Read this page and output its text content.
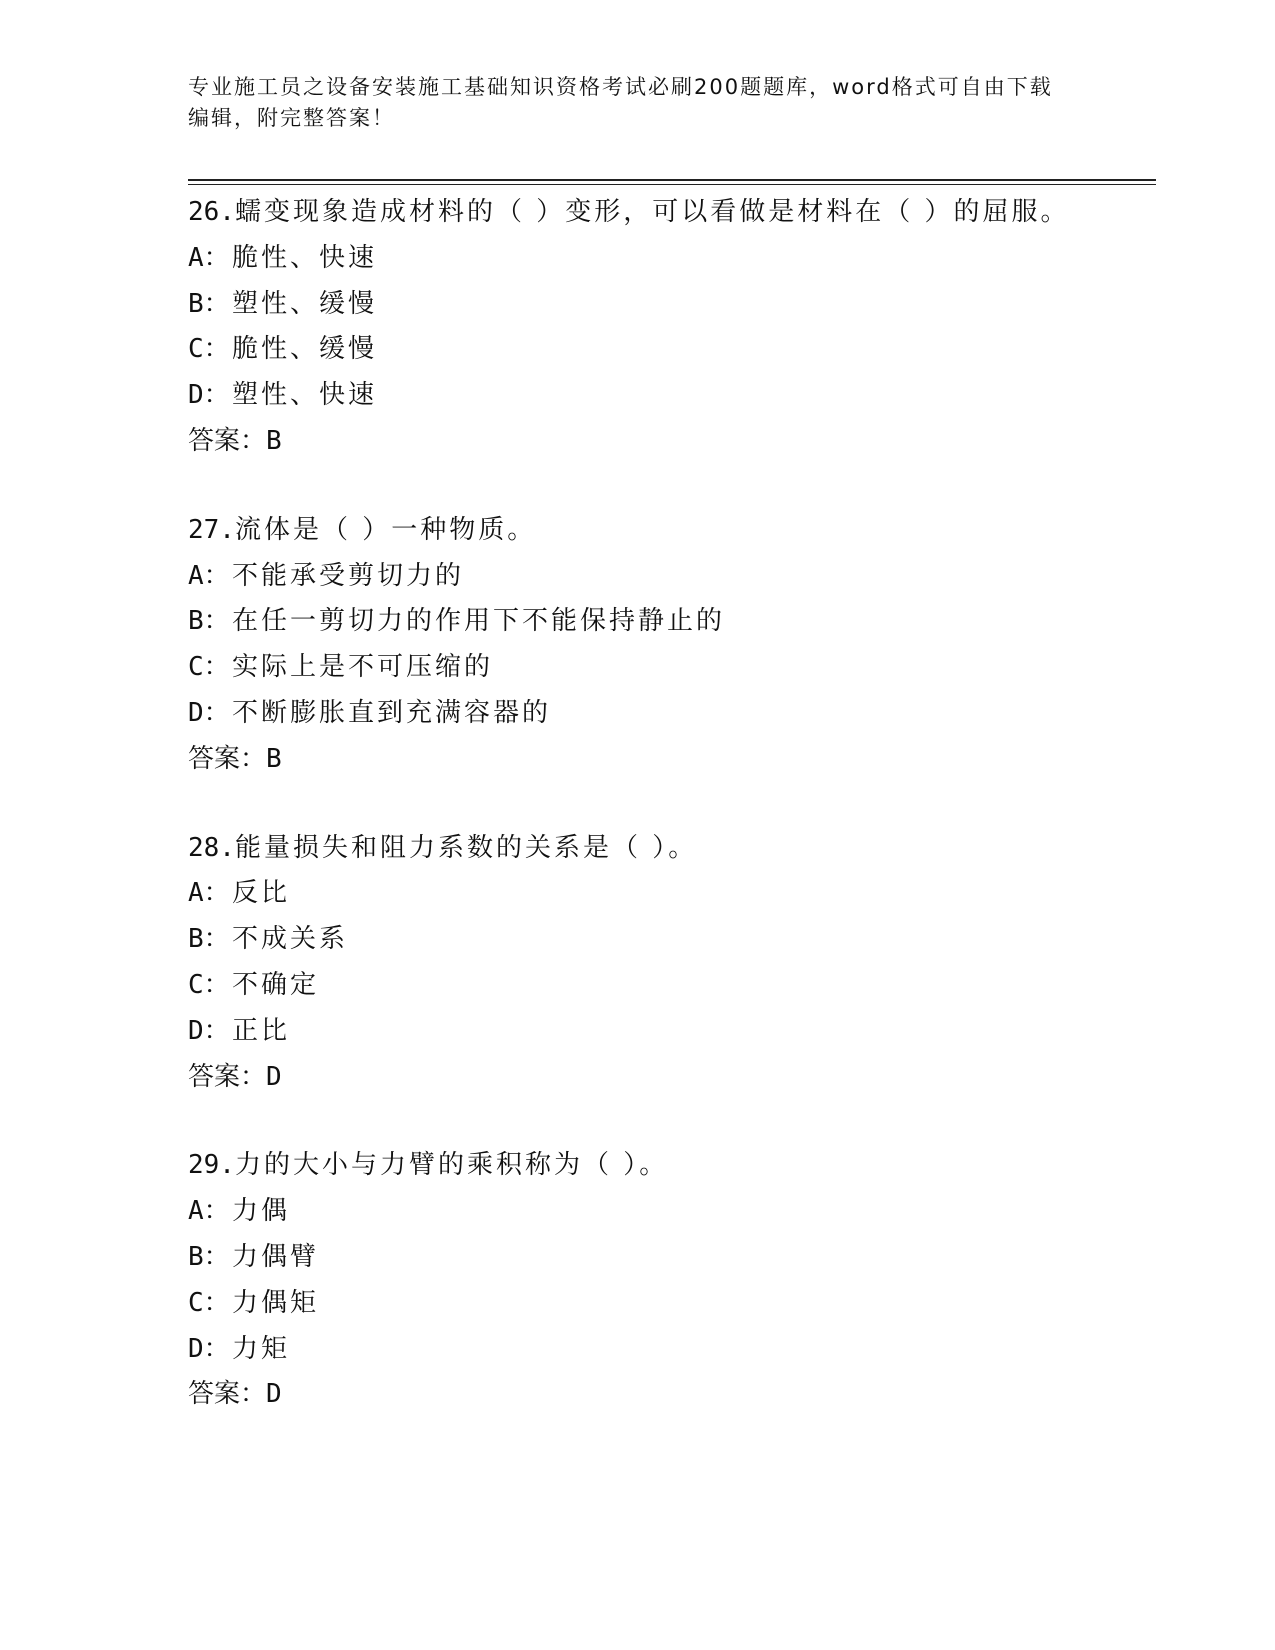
专业施工员之设备安装施工基础知识资格考试必刷200题题库，word格式可自由下载编辑，附完整答案！
26.蠕变现象造成材料的（ ）变形，可以看做是材料在（ ）的屈服。
A：脆性、快速
B：塑性、缓慢
C：脆性、缓慢
D：塑性、快速
答案：B
27.流体是（ ）一种物质。
A：不能承受剪切力的
B：在任一剪切力的作用下不能保持静止的
C：实际上是不可压缩的
D：不断膨胀直到充满容器的
答案：B
28.能量损失和阻力系数的关系是（ ）。
A：反比
B：不成关系
C：不确定
D：正比
答案：D
29.力的大小与力臂的乘积称为（ ）。
A：力偶
B：力偶臂
C：力偶矩
D：力矩
答案：D
